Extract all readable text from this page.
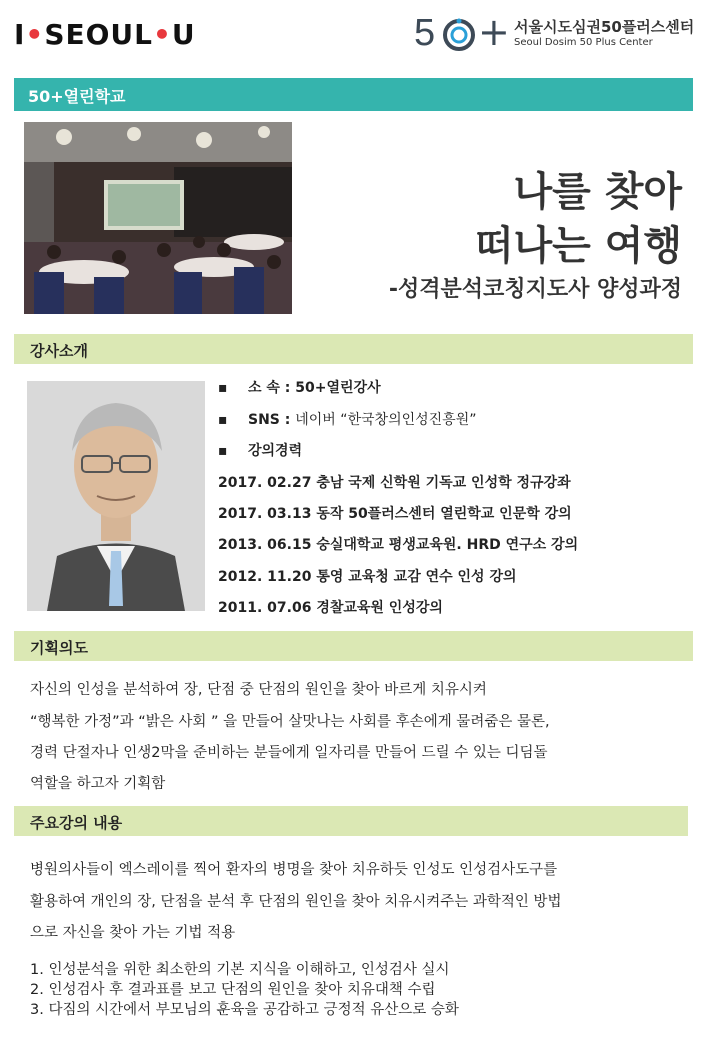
I•SEOUL•U	5 + 서울시도심권50플러스센터
Seoul Dosim 50 Plus Center
50+열린학교
나를 찾아
떠나는 여행
-성격분석코칭지도사 양성과정
강사소개
▪ 소 속 : 50+열린강사
▪ SNS : 네이버 “한국창의인성진흥원”
▪ 강의경력
2017. 02.27 충남 국제 신학원 기독교 인성학 정규강좌
2017. 03.13 동작 50플러스센터 열린학교 인문학 강의
2013. 06.15 숭실대학교 평생교육원. HRD 연구소 강의
2012. 11.20 통영 교육청 교감 연수 인성 강의
2011. 07.06 경찰교육원 인성강의
기획의도
자신의 인성을 분석하여 장, 단점 중 단점의 원인을 찾아 바르게 치유시켜
“행복한 가정”과 “밝은 사회 ” 을 만들어 살맛나는 사회를 후손에게 물려줌은 물론,
경력 단절자나 인생2막을 준비하는 분들에게 일자리를 만들어 드릴 수 있는 디딤돌
역할을 하고자 기획함
주요강의 내용
병원의사들이 엑스레이를 찍어 환자의 병명을 찾아 치유하듯 인성도 인성검사도구를
활용하여 개인의 장, 단점을 분석 후 단점의 원인을 찾아 치유시켜주는 과학적인 방법
으로 자신을 찾아 가는 기법 적용
1. 인성분석을 위한 최소한의 기본 지식을 이해하고, 인성검사 실시
2. 인성검사 후 결과표를 보고 단점의 원인을 찾아 치유대책 수립
3. 다짐의 시간에서 부모님의 훈육을 공감하고 긍정적 유산으로 승화
